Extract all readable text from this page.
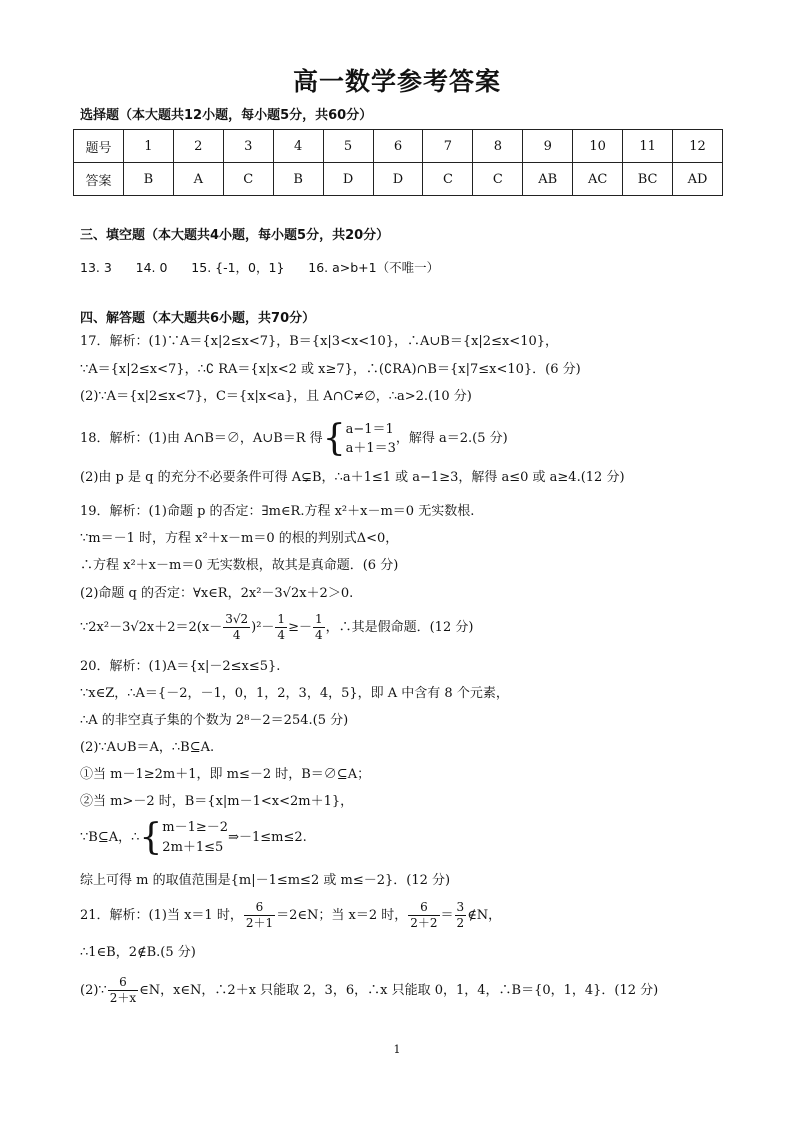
高一数学参考答案
选择题（本大题共12小题，每小题5分，共60分）
题号	1	2	3	4	5	6	7	8	9	10	11	12
答案	B	A	C	B	D	D	C	C	AB	AC	BC	AD
三、填空题（本大题共4小题，每小题5分，共20分）
13. 3      14. 0      15. {-1，0，1}      16. a>b+1（不唯一）
四、解答题（本大题共6小题，共70分）
17．解析：(1)∵A＝{x|2≤x<7}，B＝{x|3<x<10}，∴A∪B＝{x|2≤x<10}，
∵A＝{x|2≤x<7}，∴∁ RA＝{x|x<2 或 x≥7}，∴(∁RA)∩B＝{x|7≤x<10}．(6 分)
(2)∵A＝{x|2≤x<7}，C＝{x|x<a}，且 A∩C≠∅，∴a>2.(10 分)
18．解析：(1)由 A∩B＝∅，A∪B＝R 得 { a−1＝1
a＋1＝3
，解得 a＝2.(5 分)
(2)由 p 是 q 的充分不必要条件可得 A⊊B，∴a＋1≤1 或 a−1≥3，解得 a≤0 或 a≥4.(12 分)
19．解析：(1)命题 p 的否定：∃m∈R.方程 x²＋x－m＝0 无实数根.
∵m＝－1 时，方程 x²＋x－m＝0 的根的判别式Δ<0，
∴方程 x²＋x－m＝0 无实数根，故其是真命题．(6 分)
(2)命题 q 的否定：∀x∈R，2x²－3√2x＋2＞0.
∵2x²－3√2x＋2＝2(x－ $\frac{3√2}{4} )^2- \frac{1}{4} \ge- \frac{1}{4}$ ，∴其是假命题．(12 分)
20．解析：(1)A＝{x|－2≤x≤5}.
∵x∈Z，∴A＝{－2，－1，0，1，2，3，4，5}，即 A 中含有 8 个元素，
∴A 的非空真子集的个数为 2⁸－2＝254.(5 分)
(2)∵A∪B＝A，∴B⊆A.
①当 m－1≥2m＋1，即 m≤－2 时，B＝∅⊆A；
②当 m>－2 时，B＝{x|m－1<x<2m＋1}，
∵B⊆A，∴ { m－1≥－2
2m＋1≤5
⇒－1≤m≤2.
综上可得 m 的取值范围是{m|－1≤m≤2 或 m≤－2}．(12 分)
21．解析：(1)当 x＝1 时， $\frac{6}{2+1}$ ＝2∈N；当 x＝2 时， $\frac{6}{2+2} = \frac{3}{2}$ ∉N，
∴1∈B，2∉B.(5 分)
(2)∵ $\frac{6}{2+x}$ ∈N，x∈N，∴2＋x 只能取 2，3，6，∴x 只能取 0，1，4，∴B＝{0，1，4}．(12 分)
1
